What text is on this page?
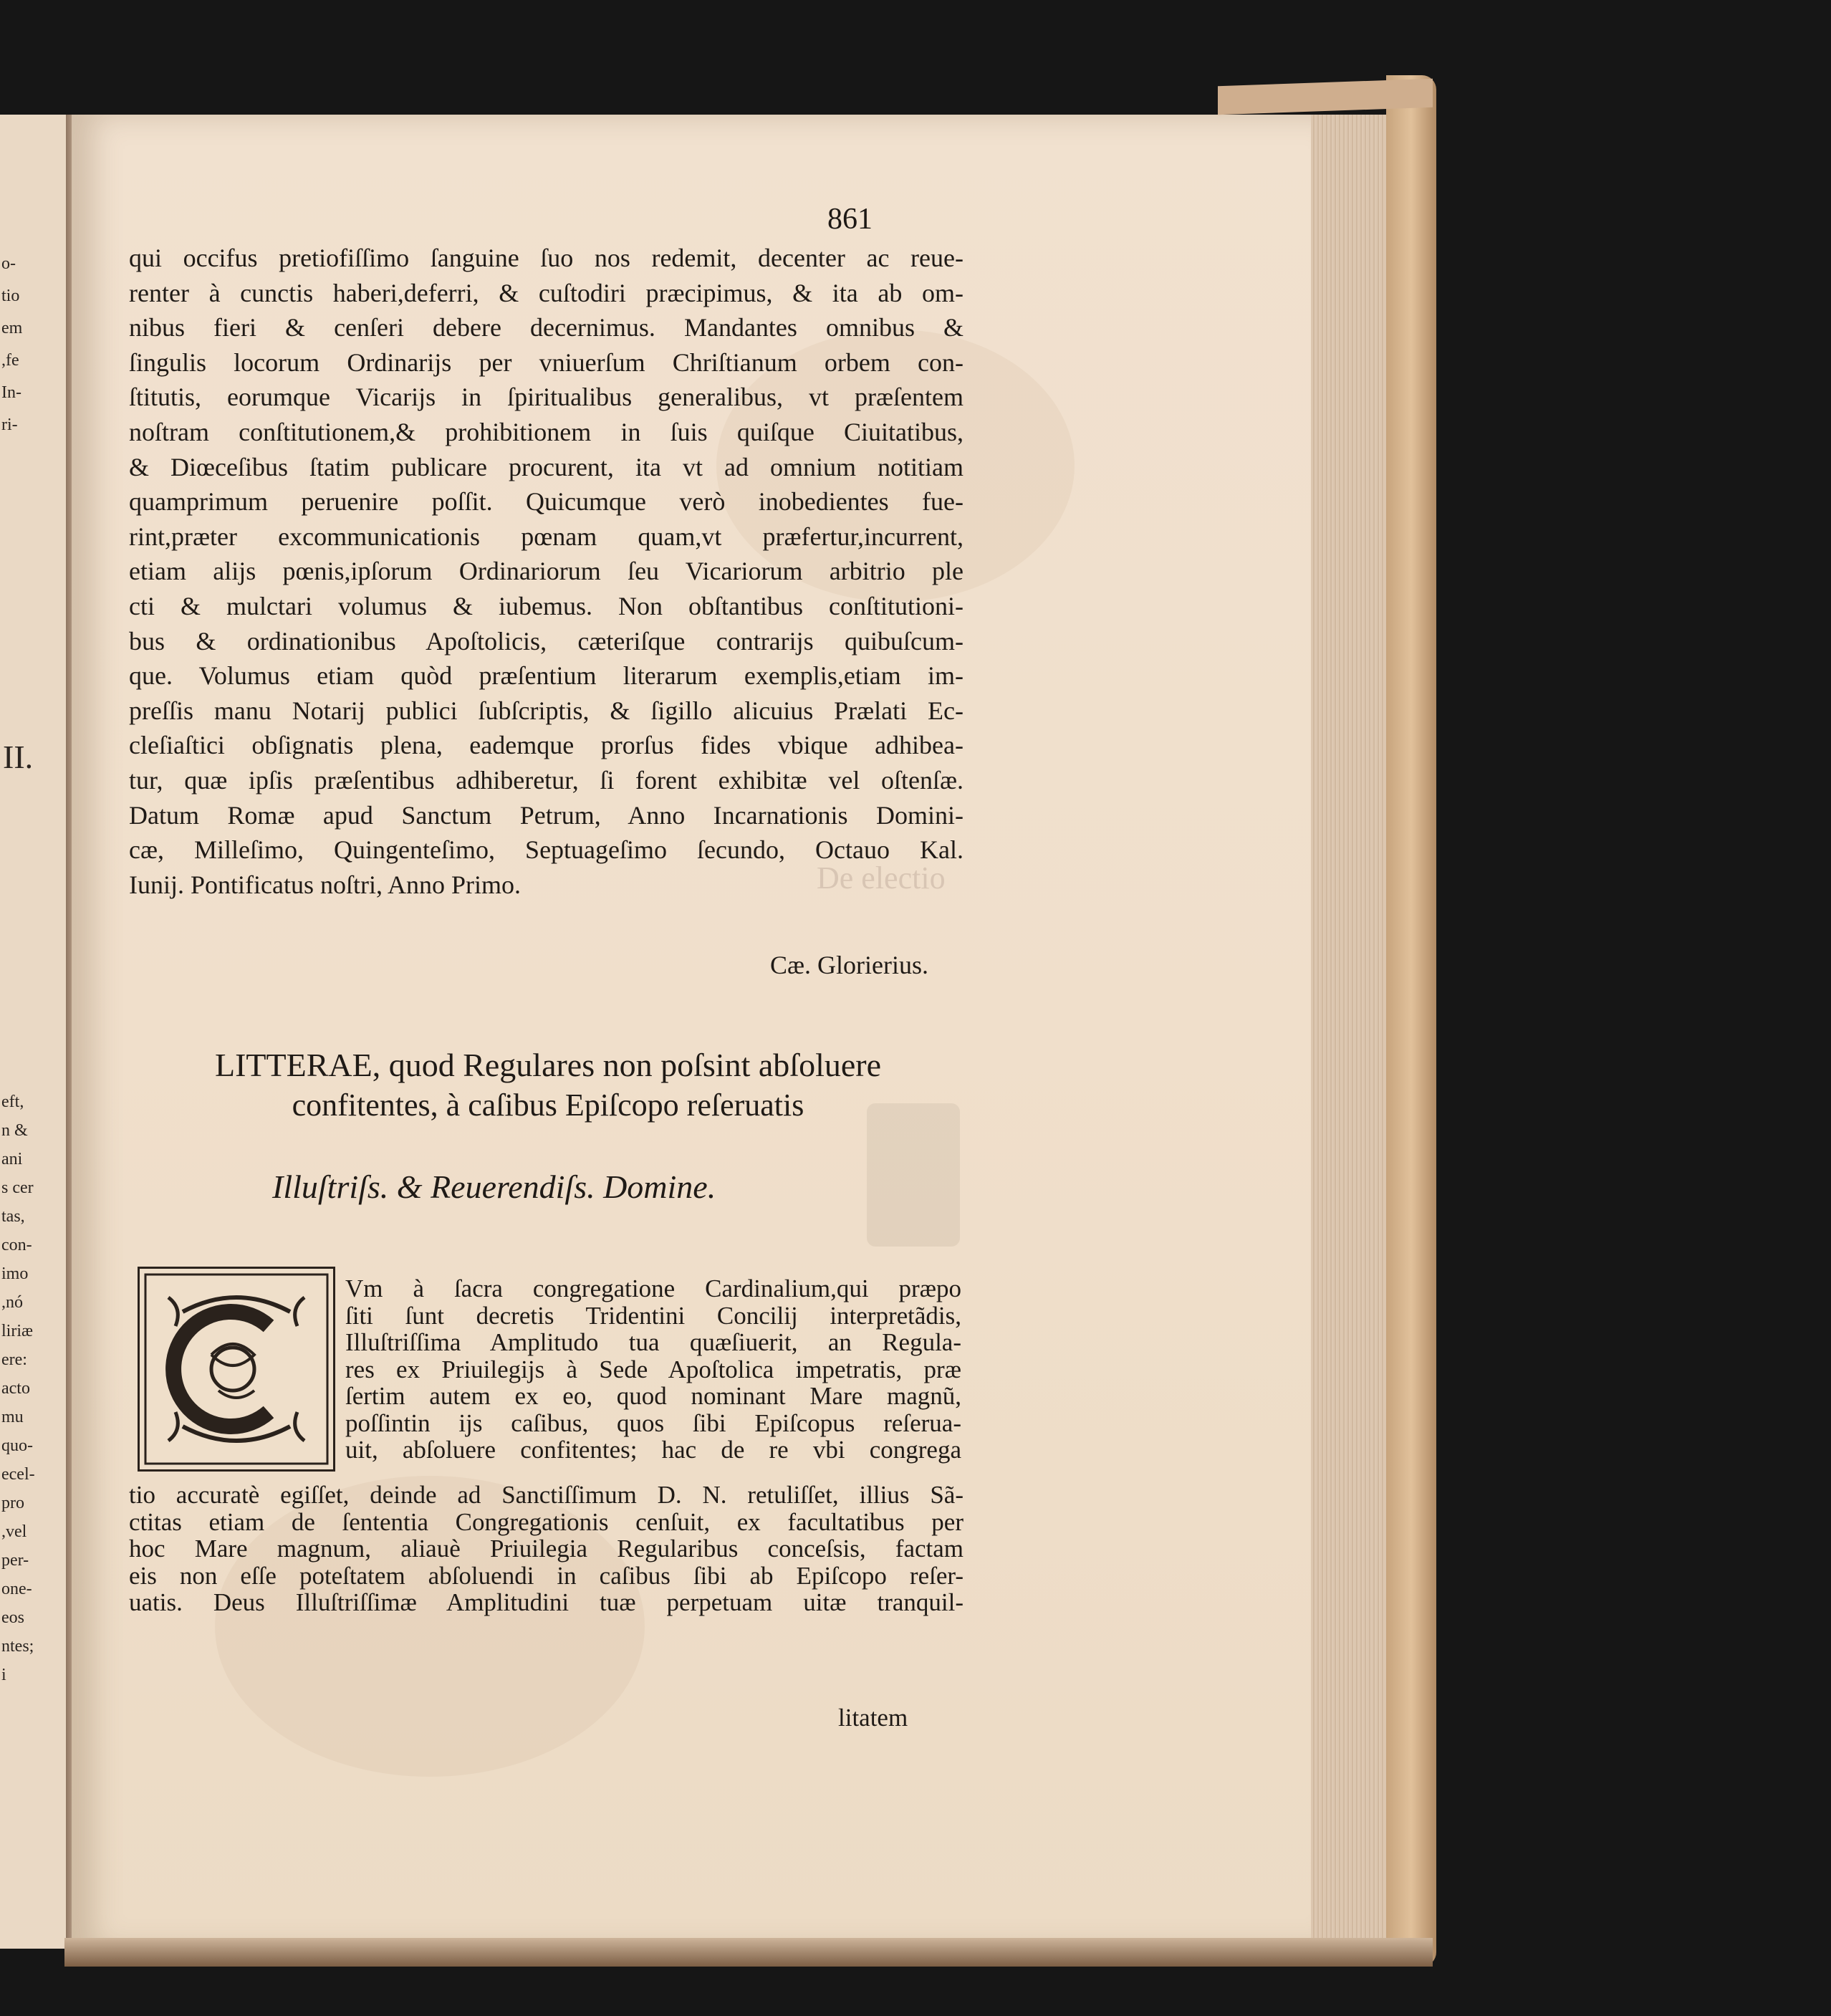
o-
tio
em
,fe
In-
ri-
eft,
n &
ani
s cer
tas,
con-
imo
,nó
liriæ
ere:
acto
mu
quo-
ecel-
pro
,vel
per-
one-
eos
ntes;
i
II.
De electio
861
qui occifus pretiofiſſimo ſanguine ſuo nos redemit, decenter ac reue-
renter à cunctis haberi,deferri, & cuſtodiri præcipimus, & ita ab om-
nibus fieri & cenſeri debere decernimus. Mandantes omnibus &
ſingulis locorum Ordinarijs per vniuerſum Chriſtianum orbem con-
ſtitutis, eorumque Vicarijs in ſpiritualibus generalibus, vt præſentem
noſtram conſtitutionem,& prohibitionem in ſuis quiſque Ciuitatibus,
& Diœceſibus ſtatim publicare procurent, ita vt ad omnium notitiam
quamprimum peruenire poſſit. Quicumque verò inobedientes fue-
rint,præter excommunicationis pœnam quam,vt præfertur,incurrent,
etiam alijs pœnis,ipſorum Ordinariorum ſeu Vicariorum arbitrio ple
cti & mulctari volumus & iubemus. Non obſtantibus conſtitutioni-
bus & ordinationibus Apoſtolicis, cæteriſque contrarijs quibuſcum-
que. Volumus etiam quòd præſentium literarum exemplis,etiam im-
preſſis manu Notarij publici ſubſcriptis, & ſigillo alicuius Prælati Ec-
cleſiaſtici obſignatis plena, eademque prorſus fides vbique adhibea-
tur, quæ ipſis præſentibus adhiberetur, ſi forent exhibitæ vel oſtenſæ.
Datum Romæ apud Sanctum Petrum, Anno Incarnationis Domini-
cæ, Milleſimo, Quingenteſimo, Septuageſimo ſecundo, Octauo Kal.
Iunij. Pontificatus noſtri, Anno Primo.
Cæ. Glorierius.
LITTERAE, quod Regulares non poſsint abſoluere
confitentes, à caſibus Epiſcopo reſeruatis
Illuſtriſs. & Reuerendiſs. Domine.
Vm à ſacra congregatione Cardinalium,qui præpo
ſiti ſunt decretis Tridentini Concilij interpretãdis,
Illuſtriſſima Amplitudo tua quæſiuerit, an Regula-
res ex Priuilegijs à Sede Apoſtolica impetratis, præ
ſertim autem ex eo, quod nominant Mare magnũ,
poſſintin ijs caſibus, quos ſibi Epiſcopus reſerua-
uit, abſoluere confitentes; hac de re vbi congrega
tio accuratè egiſſet, deinde ad Sanctiſſimum D. N. retuliſſet, illius Sã-
ctitas etiam de ſententia Congregationis cenſuit, ex facultatibus per
hoc Mare magnum, aliauè Priuilegia Regularibus conceſsis, factam
eis non eſſe poteſtatem abſoluendi in caſibus ſibi ab Epiſcopo reſer-
uatis. Deus Illuſtriſſimæ Amplitudini tuæ perpetuam uitæ tranquil-
litatem
